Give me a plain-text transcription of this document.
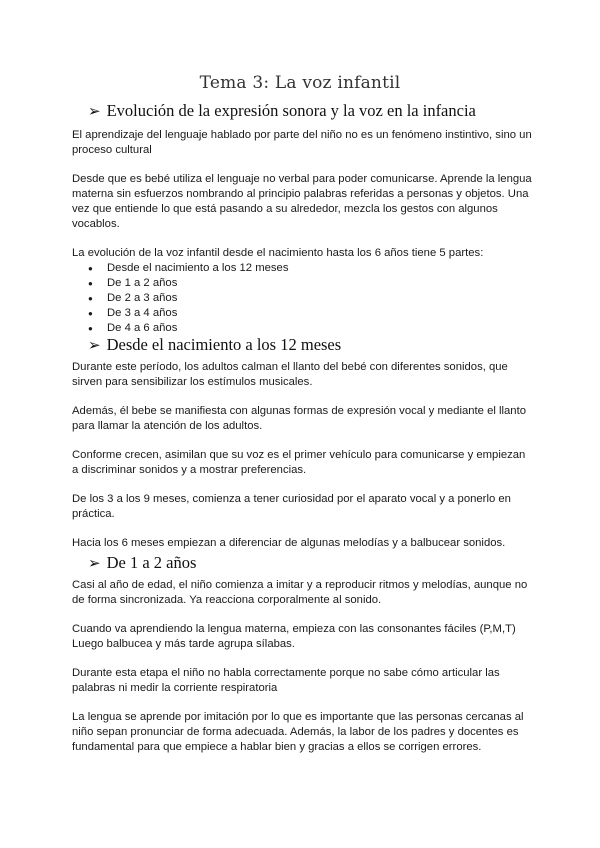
Tema 3: La voz infantil
➢ Evolución de la expresión sonora y la voz en la infancia
El aprendizaje del lenguaje hablado por parte del niño no es un fenómeno instintivo, sino un proceso cultural
Desde que es bebé utiliza el lenguaje no verbal para poder comunicarse. Aprende la lengua materna sin esfuerzos nombrando al principio palabras referidas a personas y objetos. Una vez que entiende lo que está pasando a su alrededor, mezcla los gestos con algunos vocablos.
La evolución de la voz infantil desde el nacimiento hasta los 6 años tiene 5 partes:
● Desde el nacimiento a los 12 meses
● De 1 a 2 años
● De 2 a 3 años
● De 3 a 4 años
● De 4 a 6 años
➢ Desde el nacimiento a los 12 meses
Durante este período, los adultos calman el llanto del bebé con diferentes sonidos, que sirven para sensibilizar los estímulos musicales.
Además, él bebe se manifiesta con algunas formas de expresión vocal y mediante el llanto para llamar la atención de los adultos.
Conforme crecen, asimilan que su voz es el primer vehículo para comunicarse y empiezan a discriminar sonidos y a mostrar preferencias.
De los 3 a los 9 meses, comienza a tener curiosidad por el aparato vocal y a ponerlo en práctica.
Hacia los 6 meses empiezan a diferenciar de algunas melodías y a balbucear sonidos.
➢ De 1 a 2 años
Casi al año de edad, el niño comienza a imitar y a reproducir ritmos y melodías, aunque no de forma sincronizada. Ya reacciona corporalmente al sonido.
Cuando va aprendiendo la lengua materna, empieza con las consonantes fáciles (P,M,T) Luego balbucea y más tarde agrupa sílabas.
Durante esta etapa el niño no habla correctamente porque no sabe cómo articular las palabras ni medir la corriente respiratoria
La lengua se aprende por imitación por lo que es importante que las personas cercanas al niño sepan pronunciar de forma adecuada. Además, la labor de los padres y docentes es fundamental para que empiece a hablar bien y gracias a ellos se corrigen errores.
